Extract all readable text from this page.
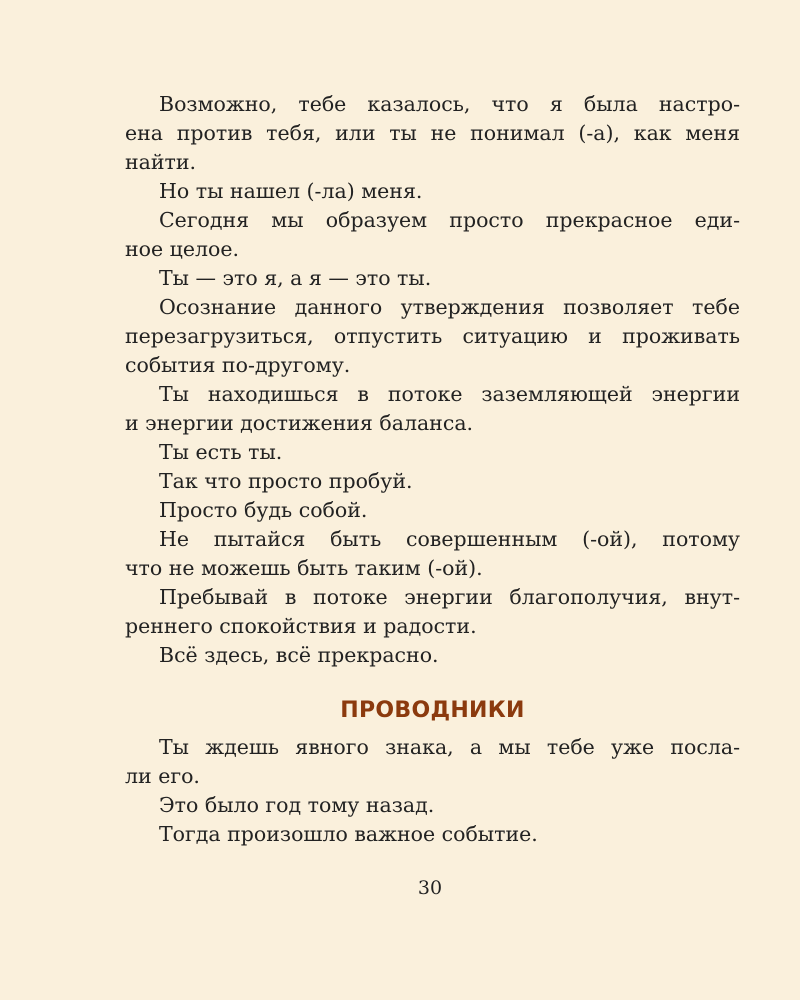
Возможно, тебе казалось, что я была настро-
ена против тебя, или ты не понимал (-а), как меня
найти.
Но ты нашел (-ла) меня.
Сегодня мы образуем просто прекрасное еди-
ное целое.
Ты — это я, а я — это ты.
Осознание данного утверждения позволяет тебе
перезагрузиться, отпустить ситуацию и проживать
события по-другому.
Ты находишься в потоке заземляющей энергии
и энергии достижения баланса.
Ты есть ты.
Так что просто пробуй.
Просто будь собой.
Не пытайся быть совершенным (-ой), потому
что не можешь быть таким (-ой).
Пребывай в потоке энергии благополучия, внут-
реннего спокойствия и радости.
Всё здесь, всё прекрасно.
ПРОВОДНИКИ
Ты ждешь явного знака, а мы тебе уже посла-
ли его.
Это было год тому назад.
Тогда произошло важное событие.
30
